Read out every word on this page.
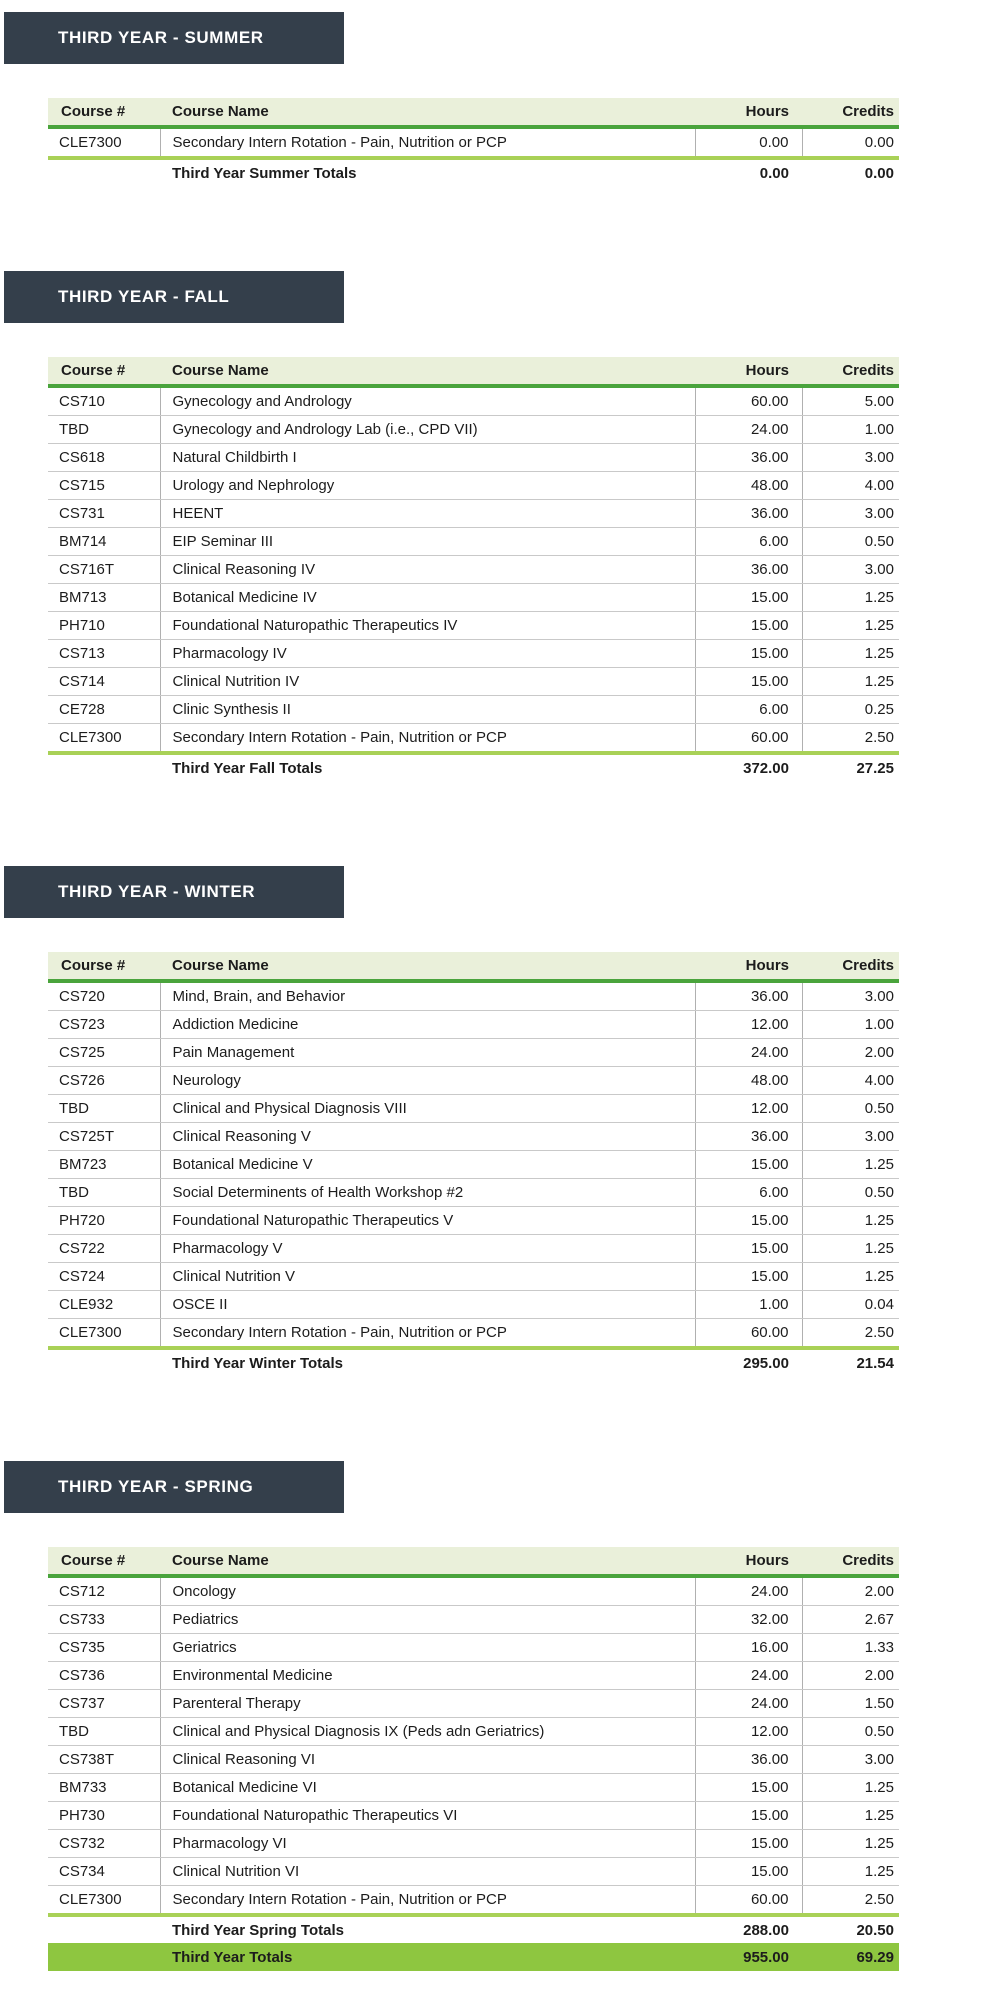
THIRD YEAR - SUMMER
Course #	Course Name	Hours	Credits
CLE7300	Secondary Intern Rotation - Pain, Nutrition or PCP	0.00	0.00
	Third Year Summer Totals	0.00	0.00
THIRD YEAR - FALL
Course #	Course Name	Hours	Credits
CS710	Gynecology and Andrology	60.00	5.00
TBD	Gynecology and Andrology Lab (i.e., CPD VII)	24.00	1.00
CS618	Natural Childbirth I	36.00	3.00
CS715	Urology and Nephrology	48.00	4.00
CS731	HEENT	36.00	3.00
BM714	EIP Seminar III	6.00	0.50
CS716T	Clinical Reasoning IV	36.00	3.00
BM713	Botanical Medicine IV	15.00	1.25
PH710	Foundational Naturopathic Therapeutics IV	15.00	1.25
CS713	Pharmacology IV	15.00	1.25
CS714	Clinical Nutrition IV	15.00	1.25
CE728	Clinic Synthesis II	6.00	0.25
CLE7300	Secondary Intern Rotation - Pain, Nutrition or PCP	60.00	2.50
	Third Year Fall Totals	372.00	27.25
THIRD YEAR - WINTER
Course #	Course Name	Hours	Credits
CS720	Mind, Brain, and Behavior	36.00	3.00
CS723	Addiction Medicine	12.00	1.00
CS725	Pain Management	24.00	2.00
CS726	Neurology	48.00	4.00
TBD	Clinical and Physical Diagnosis VIII	12.00	0.50
CS725T	Clinical Reasoning V	36.00	3.00
BM723	Botanical Medicine V	15.00	1.25
TBD	Social Determinents of Health Workshop #2	6.00	0.50
PH720	Foundational Naturopathic Therapeutics V	15.00	1.25
CS722	Pharmacology V	15.00	1.25
CS724	Clinical Nutrition V	15.00	1.25
CLE932	OSCE II	1.00	0.04
CLE7300	Secondary Intern Rotation - Pain, Nutrition or PCP	60.00	2.50
	Third Year Winter Totals	295.00	21.54
THIRD YEAR - SPRING
Course #	Course Name	Hours	Credits
CS712	Oncology	24.00	2.00
CS733	Pediatrics	32.00	2.67
CS735	Geriatrics	16.00	1.33
CS736	Environmental Medicine	24.00	2.00
CS737	Parenteral Therapy	24.00	1.50
TBD	Clinical and Physical Diagnosis IX (Peds adn Geriatrics)	12.00	0.50
CS738T	Clinical Reasoning VI	36.00	3.00
BM733	Botanical Medicine VI	15.00	1.25
PH730	Foundational Naturopathic Therapeutics VI	15.00	1.25
CS732	Pharmacology VI	15.00	1.25
CS734	Clinical Nutrition VI	15.00	1.25
CLE7300	Secondary Intern Rotation - Pain, Nutrition or PCP	60.00	2.50
	Third Year Spring Totals	288.00	20.50
	Third Year Totals	955.00	69.29
